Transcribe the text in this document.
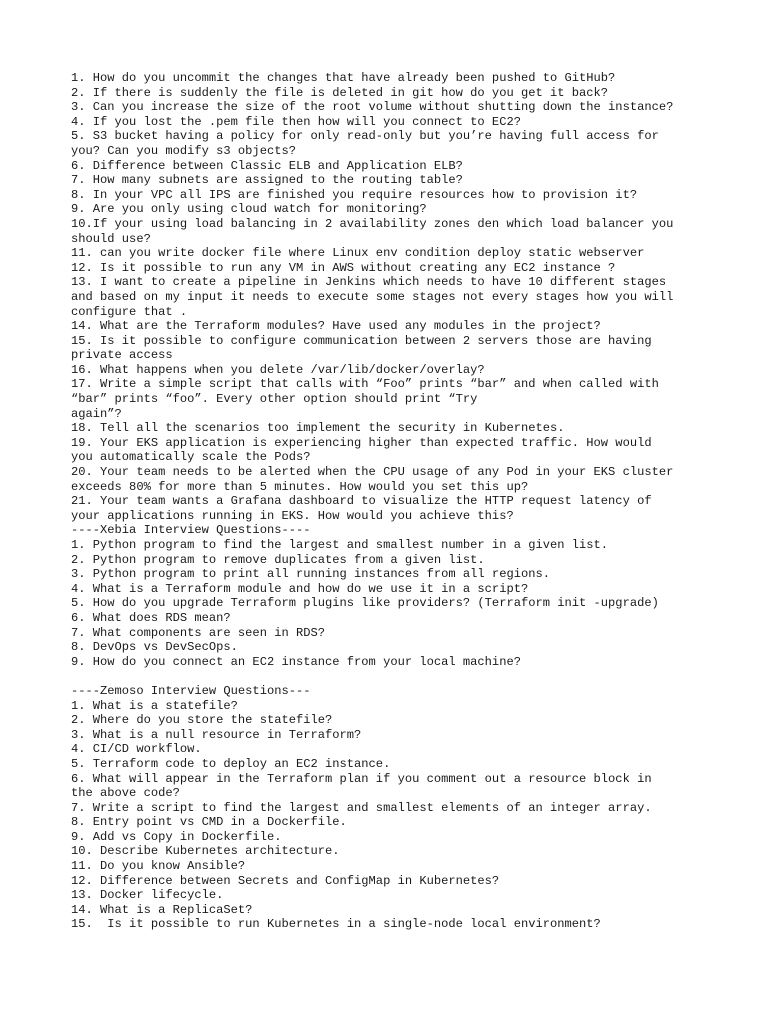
1. How do you uncommit the changes that have already been pushed to GitHub?
2. If there is suddenly the file is deleted in git how do you get it back?
3. Can you increase the size of the root volume without shutting down the instance?
4. If you lost the .pem file then how will you connect to EC2?
5. S3 bucket having a policy for only read-only but you’re having full access for
you? Can you modify s3 objects?
6. Difference between Classic ELB and Application ELB?
7. How many subnets are assigned to the routing table?
8. In your VPC all IPS are finished you require resources how to provision it?
9. Are you only using cloud watch for monitoring?
10.If your using load balancing in 2 availability zones den which load balancer you
should use?
11. can you write docker file where Linux env condition deploy static webserver
12. Is it possible to run any VM in AWS without creating any EC2 instance ?
13. I want to create a pipeline in Jenkins which needs to have 10 different stages
and based on my input it needs to execute some stages not every stages how you will
configure that .
14. What are the Terraform modules? Have used any modules in the project?
15. Is it possible to configure communication between 2 servers those are having
private access
16. What happens when you delete /var/lib/docker/overlay?
17. Write a simple script that calls with “Foo” prints “bar” and when called with
“bar” prints “foo”. Every other option should print “Try
again”?
18. Tell all the scenarios too implement the security in Kubernetes.
19. Your EKS application is experiencing higher than expected traffic. How would
you automatically scale the Pods?
20. Your team needs to be alerted when the CPU usage of any Pod in your EKS cluster
exceeds 80% for more than 5 minutes. How would you set this up?
21. Your team wants a Grafana dashboard to visualize the HTTP request latency of
your applications running in EKS. How would you achieve this?
----Xebia Interview Questions----
1. Python program to find the largest and smallest number in a given list.
2. Python program to remove duplicates from a given list.
3. Python program to print all running instances from all regions.
4. What is a Terraform module and how do we use it in a script?
5. How do you upgrade Terraform plugins like providers? (Terraform init -upgrade)
6. What does RDS mean?
7. What components are seen in RDS?
8. DevOps vs DevSecOps.
9. How do you connect an EC2 instance from your local machine?
----Zemoso Interview Questions---
1. What is a statefile?
2. Where do you store the statefile?
3. What is a null resource in Terraform?
4. CI/CD workflow.
5. Terraform code to deploy an EC2 instance.
6. What will appear in the Terraform plan if you comment out a resource block in
the above code?
7. Write a script to find the largest and smallest elements of an integer array.
8. Entry point vs CMD in a Dockerfile.
9. Add vs Copy in Dockerfile.
10. Describe Kubernetes architecture.
11. Do you know Ansible?
12. Difference between Secrets and ConfigMap in Kubernetes?
13. Docker lifecycle.
14. What is a ReplicaSet?
15.  Is it possible to run Kubernetes in a single-node local environment?
